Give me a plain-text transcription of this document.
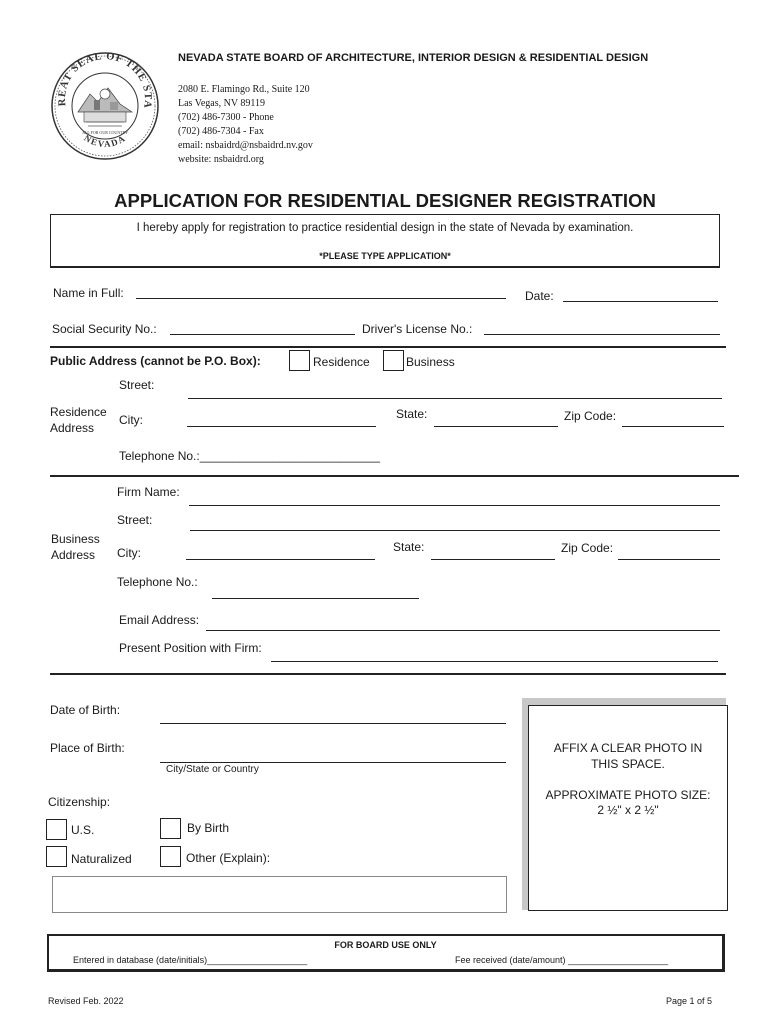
REAT SEAL OF THE STA
NEVADA
ALL FOR OUR COUNTRY
NEVADA STATE BOARD OF ARCHITECTURE, INTERIOR DESIGN & RESIDENTIAL DESIGN
2080 E. Flamingo Rd., Suite 120
Las Vegas, NV 89119
(702) 486-7300 - Phone
(702) 486-7304 - Fax
email: nsbaidrd@nsbaidrd.nv.gov
website: nsbaidrd.org
APPLICATION FOR RESIDENTIAL DESIGNER REGISTRATION
I hereby apply for registration to practice residential design in the state of Nevada by examination.
*PLEASE TYPE APPLICATION*
Name in Full:	Date:
Social Security No.:	Driver's License No.:
Public Address (cannot be P.O. Box):	Residence	Business
Residence
Address
Street:
City:	State:	Zip Code:
Telephone No.:___________________________
Business
Address
Firm Name:
Street:
City:	State:	Zip Code:
Telephone No.:
Email Address:
Present Position with Firm:
Date of Birth:
Place of Birth:
City/State or Country
Citizenship:
U.S.	By Birth
Naturalized	Other (Explain):
AFFIX A CLEAR PHOTO IN
THIS SPACE.
APPROXIMATE PHOTO SIZE:
2 ½" x 2 ½"
FOR BOARD USE ONLY
Entered in database (date/initials)____________________	Fee received (date/amount) ____________________
Revised Feb. 2022	Page 1 of 5
